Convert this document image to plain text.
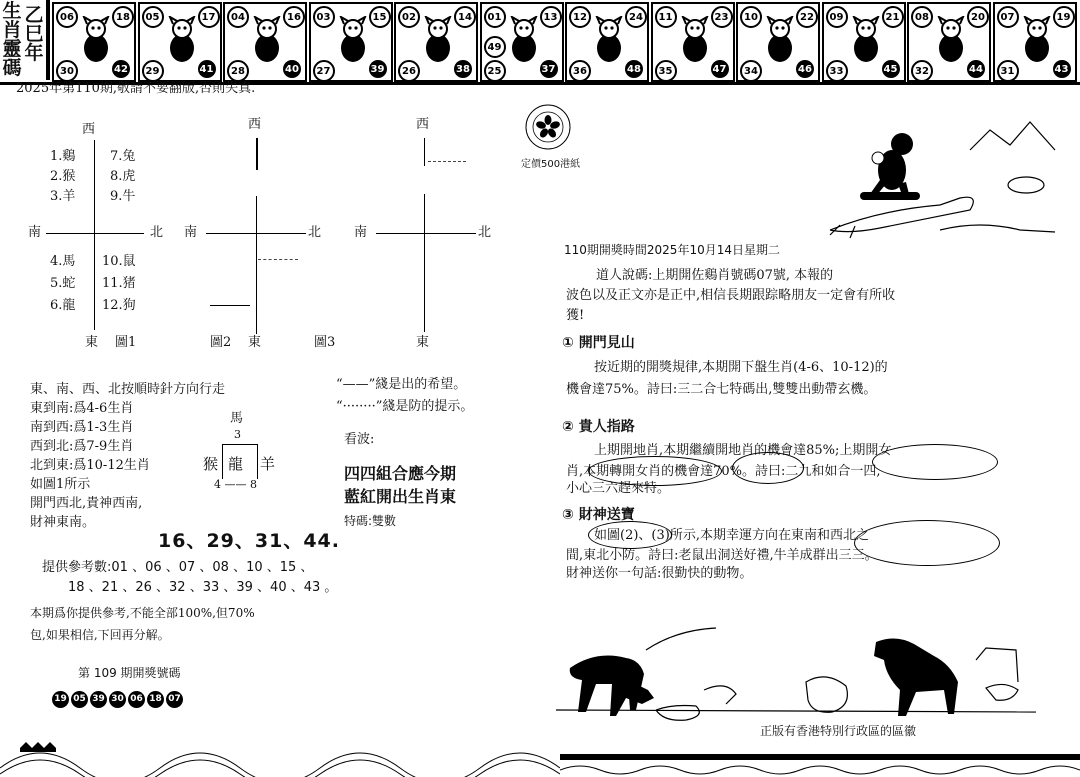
生肖靈碼
乙巳年
06	18
30	42
05	17
29	41
04	16
28	40
03	15
27	39
02	14
26	38
01	13
25	37
49
12	24
36	48
11	23
35	47
10	22
34	46
09	21
33	45
08	20
32	44
07	19
31	43
2025年第110期,敬請不要翻版,否則失真.
西
南	北
東 圖1
1.鷄
2.猴
3.羊
7.兔
8.虎
9.牛
4.馬
5.蛇
6.龍
10.鼠
11.猪
12.狗
西
南	北
圖2 東	圖3
西
南	北
東
東、南、西、北按順時針方向行走
東到南:爲4-6生肖
南到西:爲1-3生肖
西到北:爲7-9生肖
北到東:爲10-12生肖
如圖1所示
開門西北,貴神西南,
財神東南。
馬
3
猴 龍 羊
4 —— 8
“——”綫是出的希望。
“········”綫是防的提示。
看波:
四四組合應今期
藍紅開出生肖東
特碼:雙數
16、29、31、44.
提供參考數:01 、06 、07 、08 、10 、15 、
18 、21 、26 、32 、33 、39 、40 、43 。
本期爲你提供參考,不能全部100%,但70%
包,如果相信,下回再分解。
第 109 期開獎號碼
19 05 39 30 06 18 07
定價500港紙
110期開獎時間2025年10月14日星期二
道人說碼:上期開佐鷄肖號碼07號, 本報的
波色以及正文亦是正中,相信長期跟踪略朋友一定會有所收
獲!
① 開門見山
按近期的開獎規律,本期開下盤生肖(4-6、10-12)的
機會達75%。詩曰:三二合七特碼出,雙雙出動帶玄機。
② 貴人指路
上期開地肖,本期繼續開地肖的機會達85%;上期開女
肖,本期轉開女肖的機會達70%。詩曰:二九和如合一四,
小心三六趕來特。
③ 財神送寶
如圖(2)、(3)所示,本期幸運方向在東南和西北之
間,東北小防。詩曰:老鼠出洞送好禮,牛羊成群出三三。
財神送你一句話:很勤快的動物。
正版有香港特別行政區的區徽
